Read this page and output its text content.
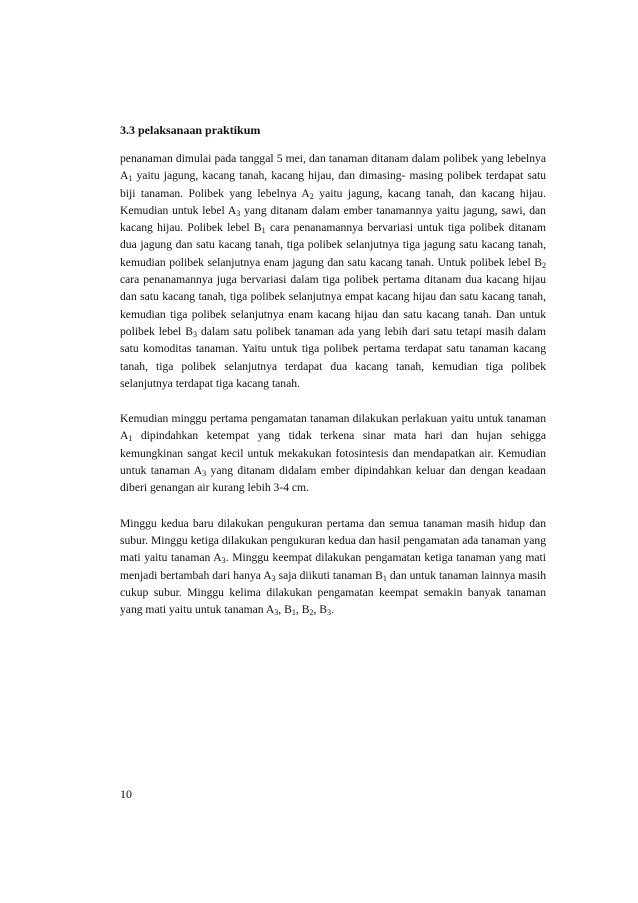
3.3 pelaksanaan praktikum

penanaman dimulai pada tanggal 5 mei, dan tanaman ditanam dalam polibek yang lebelnya $A_1$ yaitu jagung, kacang tanah, kacang hijau, dan dimasing- masing polibek terdapat satu biji tanaman. Polibek yang lebelnya $A_2$ yaitu jagung, kacang tanah, dan kacang hijau. Kemudian untuk lebel $A_3$ yang ditanam dalam ember tanamannya yaitu jagung, sawi, dan kacang hijau. Polibek lebel $B_1$ cara penanamannya bervariasi untuk tiga polibek ditanam dua jagung dan satu kacang tanah, tiga polibek selanjutnya tiga jagung satu kacang tanah, kemudian polibek selanjutnya enam jagung dan satu kacang tanah. Untuk polibek lebel $B_2$ cara penanamannya juga bervariasi dalam tiga polibek pertama ditanam dua kacang hijau dan satu kacang tanah, tiga polibek selanjutnya empat kacang hijau dan satu kacang tanah, kemudian tiga polibek selanjutnya enam kacang hijau dan satu kacang tanah. Dan untuk polibek lebel $B_3$ dalam satu polibek tanaman ada yang lebih dari satu tetapi masih dalam satu komoditas tanaman. Yaitu untuk tiga polibek pertama terdapat satu tanaman kacang tanah, tiga polibek selanjutnya terdapat dua kacang tanah, kemudian tiga polibek selanjutnya terdapat tiga kacang tanah.

Kemudian minggu pertama pengamatan tanaman dilakukan perlakuan yaitu untuk tanaman $A_1$ dipindahkan ketempat yang tidak terkena sinar mata hari dan hujan sehigga kemungkinan sangat kecil untuk mekakukan fotosintesis dan mendapatkan air. Kemudian untuk tanaman $A_3$ yang ditanam didalam ember dipindahkan keluar dan dengan keadaan diberi genangan air kurang lebih 3-4 cm.

Minggu kedua baru dilakukan pengukuran pertama dan semua tanaman masih hidup dan subur. Minggu ketiga dilakukan pengukuran kedua dan hasil pengamatan ada tanaman yang mati yaitu tanaman $A_3$. Minggu keempat dilakukan pengamatan ketiga tanaman yang mati menjadi bertambah dari hanya $A_3$ saja diikuti tanaman $B_1$ dan untuk tanaman lainnya masih cukup subur. Minggu kelima dilakukan pengamatan keempat semakin banyak tanaman yang mati yaitu untuk tanaman $A_3$, $B_1$, $B_2$, $B_3$.

10
